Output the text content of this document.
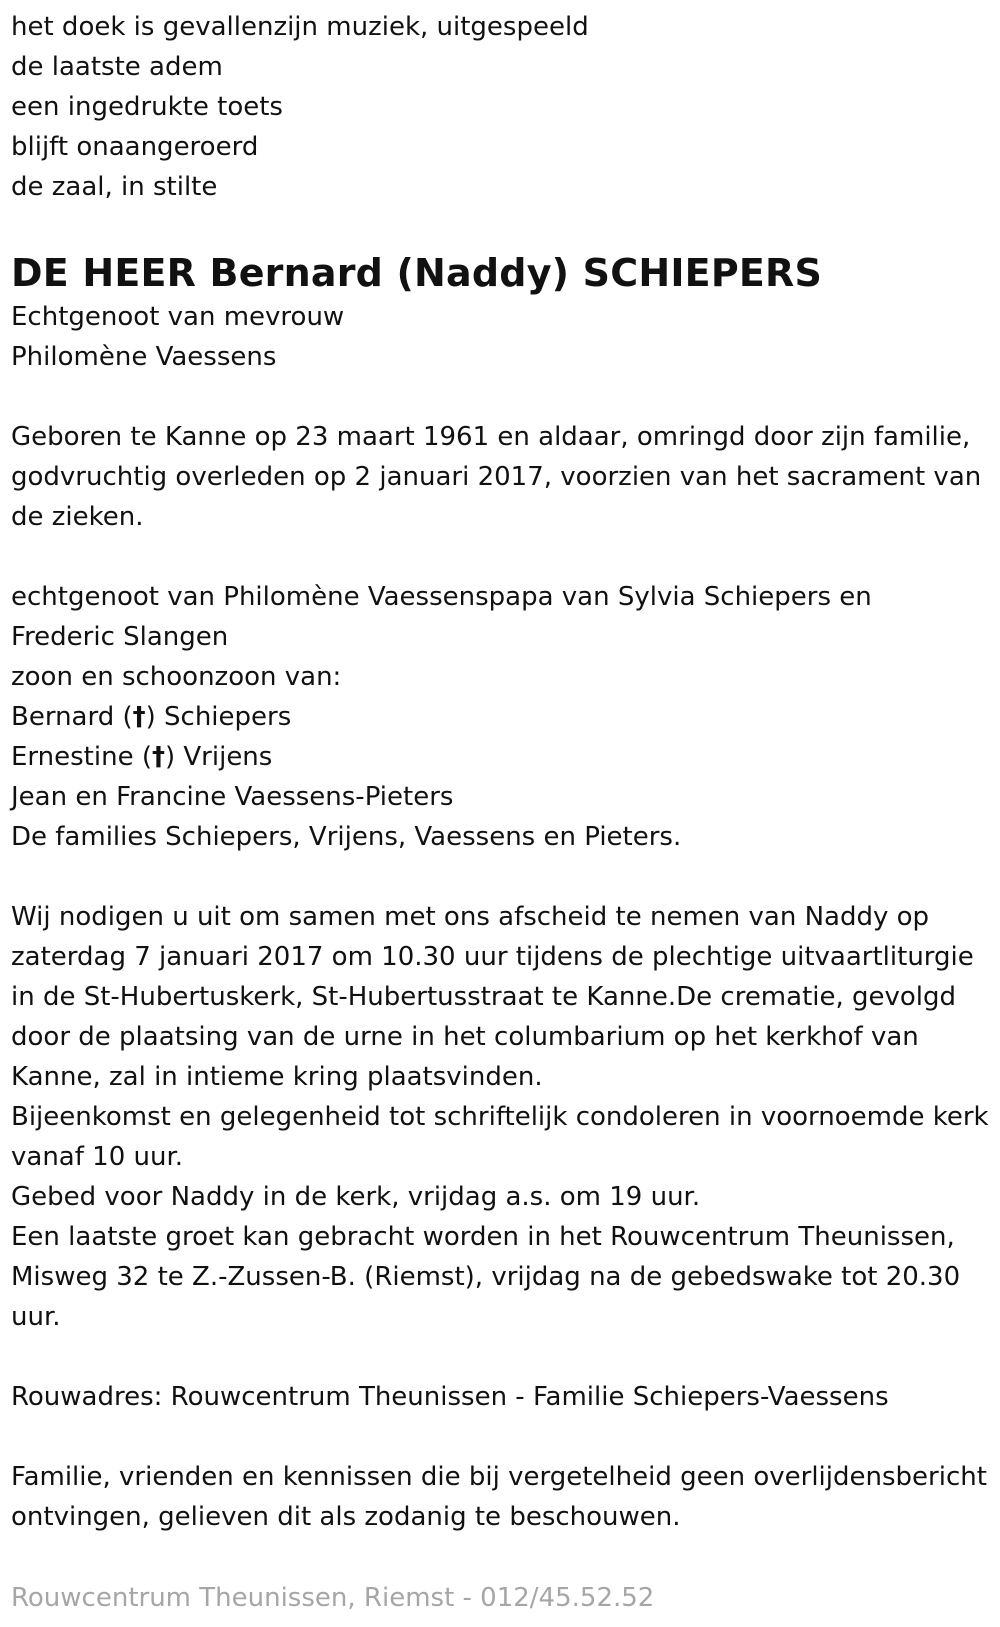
het doek is gevallenzijn muziek, uitgespeeld
de laatste adem
een ingedrukte toets
blijft onaangeroerd
de zaal, in stilte
DE HEER Bernard (Naddy) SCHIEPERS
Echtgenoot van mevrouw
Philomène Vaessens
Geboren te Kanne op 23 maart 1961 en aldaar, omringd door zijn familie, godvruchtig overleden op 2 januari 2017, voorzien van het sacrament van de zieken.
echtgenoot van Philomène Vaessenspapa van Sylvia Schiepers en
Frederic Slangen
zoon en schoonzoon van:
Bernard (†) Schiepers
Ernestine (†) Vrijens
Jean en Francine Vaessens-Pieters
De families Schiepers, Vrijens, Vaessens en Pieters.
Wij nodigen u uit om samen met ons afscheid te nemen van Naddy op zaterdag 7 januari 2017 om 10.30 uur tijdens de plechtige uitvaartliturgie in de St-Hubertuskerk, St-Hubertusstraat te Kanne.De crematie, gevolgd door de plaatsing van de urne in het columbarium op het kerkhof van Kanne, zal in intieme kring plaatsvinden.
Bijeenkomst en gelegenheid tot schriftelijk condoleren in voornoemde kerk vanaf 10 uur.
Gebed voor Naddy in de kerk, vrijdag a.s. om 19 uur.
Een laatste groet kan gebracht worden in het Rouwcentrum Theunissen, Misweg 32 te Z.-Zussen-B. (Riemst), vrijdag na de gebedswake tot 20.30 uur.
Rouwadres: Rouwcentrum Theunissen - Familie Schiepers-Vaessens
Familie, vrienden en kennissen die bij vergetelheid geen overlijdensbericht ontvingen, gelieven dit als zodanig te beschouwen.
Rouwcentrum Theunissen, Riemst - 012/45.52.52
